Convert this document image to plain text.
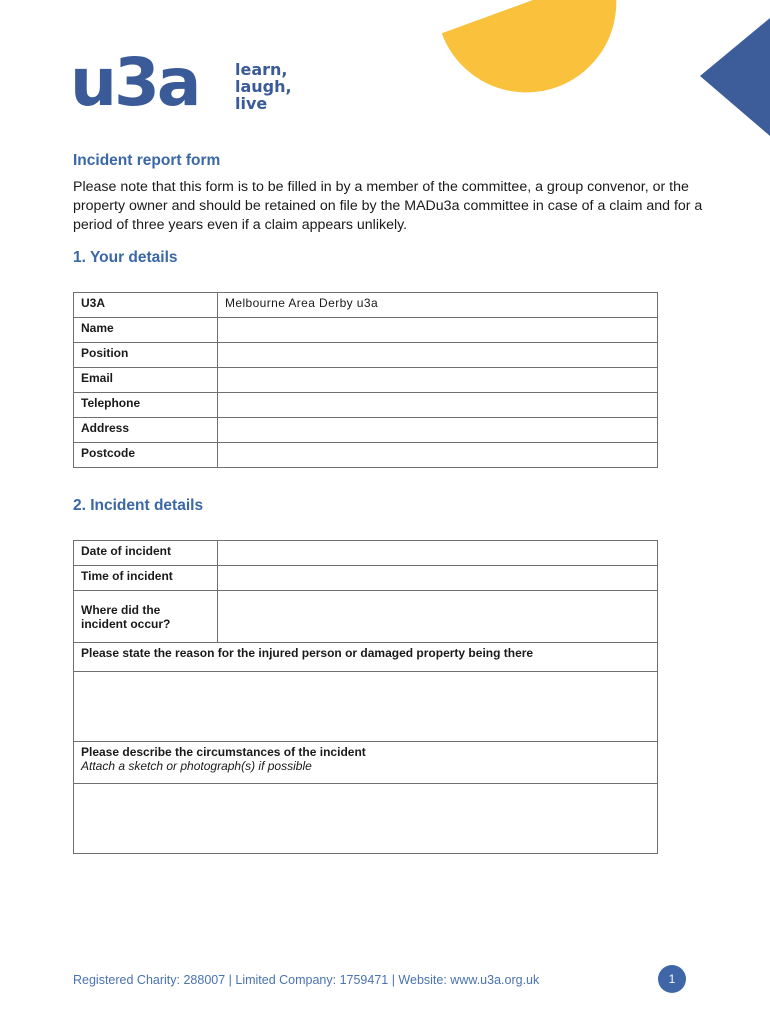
u3a learn,
laugh,
live
Incident report form
Please note that this form is to be filled in by a member of the committee, a group convenor, or the property owner and should be retained on file by the MADu3a committee in case of a claim and for a period of three years even if a claim appears unlikely.
1. Your details
U3A	Melbourne Area Derby u3a
Name	
Position	
Email	
Telephone	
Address	
Postcode	
2. Incident details
Date of incident	
Time of incident	

Where did the
incident occur?	

Please state the reason for the injured person or damaged property being there	

Please describe the circumstances of the incident
Attach a sketch or photograph(s) if possible	

Registered Charity: 288007 | Limited Company: 1759471 | Website: www.u3a.org.uk	1
